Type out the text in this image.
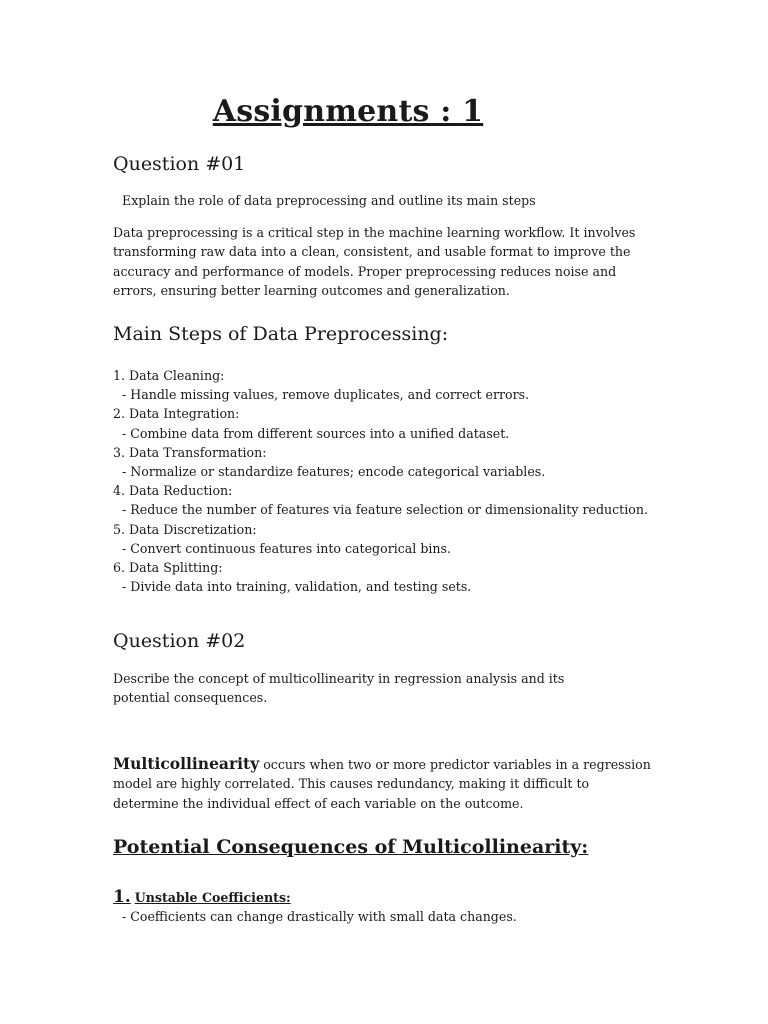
Assignments : 1
Question #01

Explain the role of data preprocessing and outline its main steps

Data preprocessing is a critical step in the machine learning workflow. It involves transforming raw data into a clean, consistent, and usable format to improve the accuracy and performance of models. Proper preprocessing reduces noise and errors, ensuring better learning outcomes and generalization.

Main Steps of Data Preprocessing:
1. Data Cleaning:
- Handle missing values, remove duplicates, and correct errors.
2. Data Integration:
- Combine data from different sources into a unified dataset.
3. Data Transformation:
- Normalize or standardize features; encode categorical variables.
4. Data Reduction:
- Reduce the number of features via feature selection or dimensionality reduction.
5. Data Discretization:
- Convert continuous features into categorical bins.
6. Data Splitting:
- Divide data into training, validation, and testing sets.
Question #02

Describe the concept of multicollinearity in regression analysis and its potential consequences.

Multicollinearity occurs when two or more predictor variables in a regression model are highly correlated. This causes redundancy, making it difficult to determine the individual effect of each variable on the outcome.

Potential Consequences of Multicollinearity:
1. Unstable Coefficients:
- Coefficients can change drastically with small data changes.
